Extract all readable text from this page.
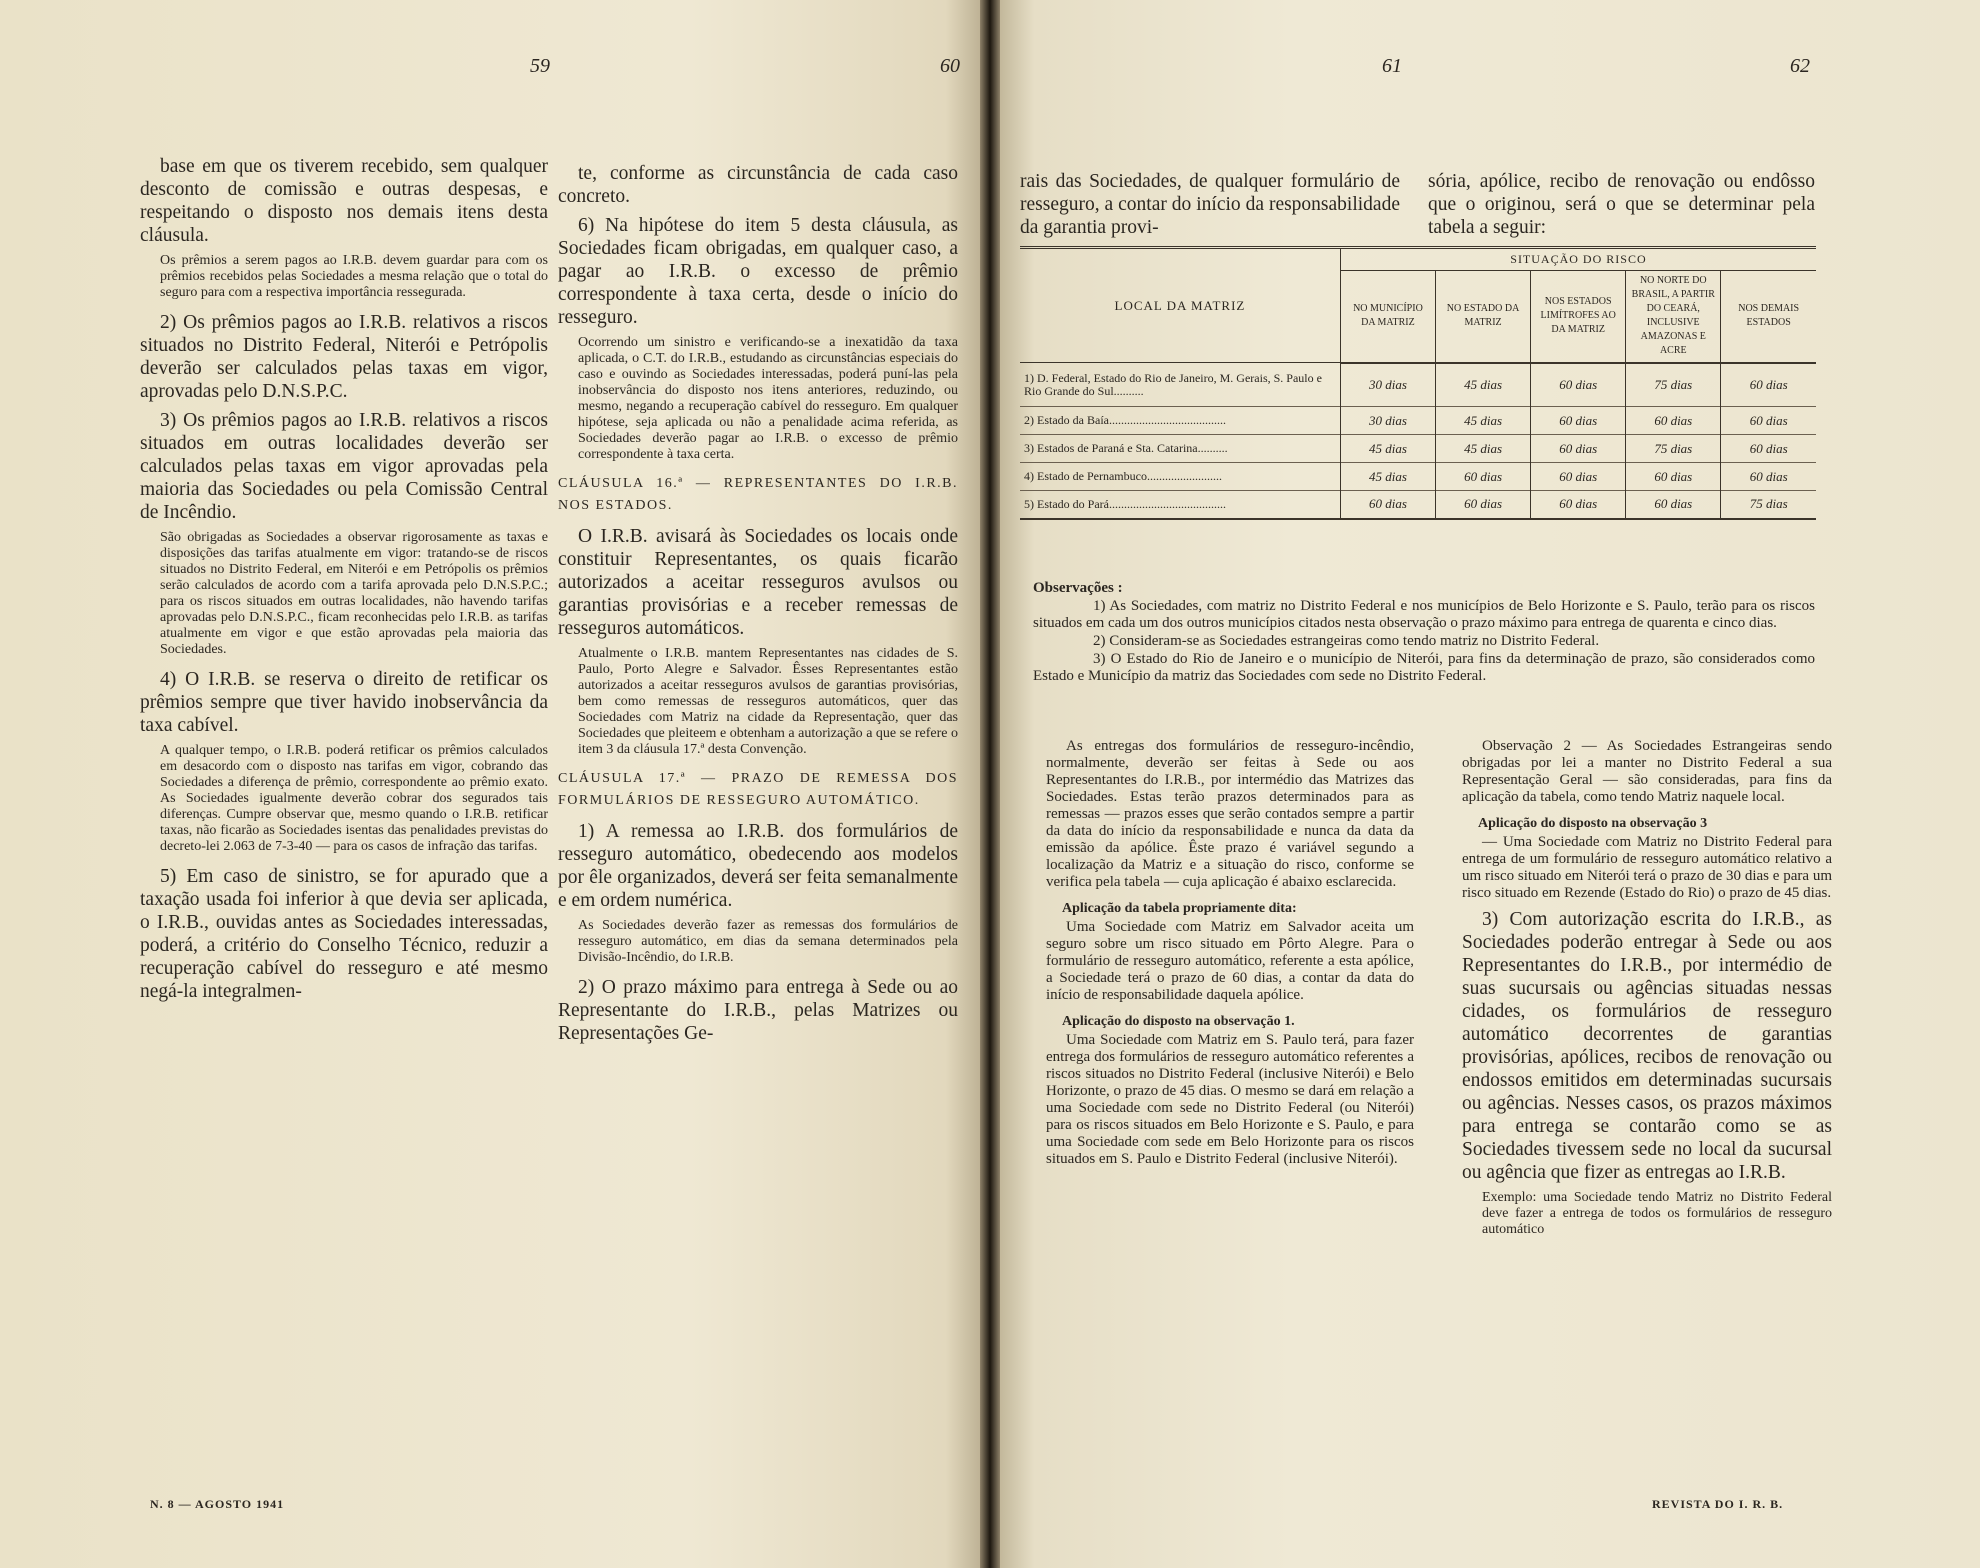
59	60	61	62

base em que os tiverem recebido, sem qualquer desconto de comissão e outras despesas, e respeitando o disposto nos demais itens desta cláusula.

Os prêmios a serem pagos ao I.R.B. devem guardar para com os prêmios recebidos pelas Sociedades a mesma relação que o total do seguro para com a respectiva importância ressegurada.

2) Os prêmios pagos ao I.R.B. relativos a riscos situados no Distrito Federal, Niterói e Petrópolis deverão ser calculados pelas taxas em vigor, aprovadas pelo D.N.S.P.C.

3) Os prêmios pagos ao I.R.B. relativos a riscos situados em outras localidades deverão ser calculados pelas taxas em vigor aprovadas pela maioria das Sociedades ou pela Comissão Central de Incêndio.

São obrigadas as Sociedades a observar rigorosamente as taxas e disposições das tarifas atualmente em vigor: tratando-se de riscos situados no Distrito Federal, em Niterói e em Petrópolis os prêmios serão calculados de acordo com a tarifa aprovada pelo D.N.S.P.C.; para os riscos situados em outras localidades, não havendo tarifas aprovadas pelo D.N.S.P.C., ficam reconhecidas pelo I.R.B. as tarifas atualmente em vigor e que estão aprovadas pela maioria das Sociedades.

4) O I.R.B. se reserva o direito de retificar os prêmios sempre que tiver havido inobservância da taxa cabível.

A qualquer tempo, o I.R.B. poderá retificar os prêmios calculados em desacordo com o disposto nas tarifas em vigor, cobrando das Sociedades a diferença de prêmio, correspondente ao prêmio exato. As Sociedades igualmente deverão cobrar dos segurados tais diferenças. Cumpre observar que, mesmo quando o I.R.B. retificar taxas, não ficarão as Sociedades isentas das penalidades previstas do decreto-lei 2.063 de 7-3-40 — para os casos de infração das tarifas.

5) Em caso de sinistro, se for apurado que a taxação usada foi inferior à que devia ser aplicada, o I.R.B., ouvidas antes as Sociedades interessadas, poderá, a critério do Conselho Técnico, reduzir a recuperação cabível do resseguro e até mesmo negá-la integralmen-

te, conforme as circunstância de cada caso concreto.

6) Na hipótese do item 5 desta cláusula, as Sociedades ficam obrigadas, em qualquer caso, a pagar ao I.R.B. o excesso de prêmio correspondente à taxa certa, desde o início do resseguro.

Ocorrendo um sinistro e verificando-se a inexatidão da taxa aplicada, o C.T. do I.R.B., estudando as circunstâncias especiais do caso e ouvindo as Sociedades interessadas, poderá puní-las pela inobservância do disposto nos itens anteriores, reduzindo, ou mesmo, negando a recuperação cabível do resseguro. Em qualquer hipótese, seja aplicada ou não a penalidade acima referida, as Sociedades deverão pagar ao I.R.B. o excesso de prêmio correspondente à taxa certa.

CLÁUSULA 16.ª — REPRESENTANTES DO I.R.B. NOS ESTADOS.

O I.R.B. avisará às Sociedades os locais onde constituir Representantes, os quais ficarão autorizados a aceitar resseguros avulsos ou garantias provisórias e a receber remessas de resseguros automáticos.

Atualmente o I.R.B. mantem Representantes nas cidades de S. Paulo, Porto Alegre e Salvador. Êsses Representantes estão autorizados a aceitar resseguros avulsos de garantias provisórias, bem como remessas de resseguros automáticos, quer das Sociedades com Matriz na cidade da Representação, quer das Sociedades que pleiteem e obtenham a autorização a que se refere o item 3 da cláusula 17.ª desta Convenção.

CLÁUSULA 17.ª — PRAZO DE REMESSA DOS FORMULÁRIOS DE RESSEGURO AUTOMÁTICO.

1) A remessa ao I.R.B. dos formulários de resseguro automático, obedecendo aos modelos por êle organizados, deverá ser feita semanalmente e em ordem numérica.

As Sociedades deverão fazer as remessas dos formulários de resseguro automático, em dias da semana determinados pela Divisão-Incêndio, do I.R.B.

2) O prazo máximo para entrega à Sede ou ao Representante do I.R.B., pelas Matrizes ou Representações Ge-

rais das Sociedades, de qualquer formulário de resseguro, a contar do início da responsabilidade da garantia provi-

sória, apólice, recibo de renovação ou endôsso que o originou, será o que se determinar pela tabela a seguir:

LOCAL DA MATRIZ	SITUAÇÃO DO RISCO				
	NO MUNICÍPIO DA MATRIZ	NO ESTADO DA MATRIZ	NOS ESTADOS LIMÍTROFES AO DA MATRIZ	NO NORTE DO BRASIL, A PARTIR DO CEARÁ, INCLUSIVE AMAZONAS E ACRE	NOS DEMAIS ESTADOS
1) D. Federal, Estado do Rio de Janeiro, M. Gerais, S. Paulo e Rio Grande do Sul..........	30 dias	45 dias	60 dias	75 dias	60 dias
2) Estado da Baía.......................................	30 dias	45 dias	60 dias	60 dias	60 dias
3) Estados de Paraná e Sta. Catarina..........	45 dias	45 dias	60 dias	75 dias	60 dias
4) Estado de Pernambuco.........................	45 dias	60 dias	60 dias	60 dias	60 dias
5) Estado do Pará.......................................	60 dias	60 dias	60 dias	60 dias	75 dias

Observações :

1) As Sociedades, com matriz no Distrito Federal e nos municípios de Belo Horizonte e S. Paulo, terão para os riscos situados em cada um dos outros municípios citados nesta observação o prazo máximo para entrega de quarenta e cinco dias.

2) Consideram-se as Sociedades estrangeiras como tendo matriz no Distrito Federal.

3) O Estado do Rio de Janeiro e o município de Niterói, para fins da determinação de prazo, são considerados como Estado e Município da matriz das Sociedades com sede no Distrito Federal.

As entregas dos formulários de resseguro-incêndio, normalmente, deverão ser feitas à Sede ou aos Representantes do I.R.B., por intermédio das Matrizes das Sociedades. Estas terão prazos determinados para as remessas — prazos esses que serão contados sempre a partir da data do início da responsabilidade e nunca da data da emissão da apólice. Êste prazo é variável segundo a localização da Matriz e a situação do risco, conforme se verifica pela tabela — cuja aplicação é abaixo esclarecida.

Aplicação da tabela propriamente dita:

Uma Sociedade com Matriz em Salvador aceita um seguro sobre um risco situado em Pôrto Alegre. Para o formulário de resseguro automático, referente a esta apólice, a Sociedade terá o prazo de 60 dias, a contar da data do início de responsabilidade daquela apólice.

Aplicação do disposto na observação 1.

Uma Sociedade com Matriz em S. Paulo terá, para fazer entrega dos formulários de resseguro automático referentes a riscos situados no Distrito Federal (inclusive Niterói) e Belo Horizonte, o prazo de 45 dias. O mesmo se dará em relação a uma Sociedade com sede no Distrito Federal (ou Niterói) para os riscos situados em Belo Horizonte e S. Paulo, e para uma Sociedade com sede em Belo Horizonte para os riscos situados em S. Paulo e Distrito Federal (inclusive Niterói).

Observação 2 — As Sociedades Estrangeiras sendo obrigadas por lei a manter no Distrito Federal a sua Representação Geral — são consideradas, para fins da aplicação da tabela, como tendo Matriz naquele local.

Aplicação do disposto na observação 3

— Uma Sociedade com Matriz no Distrito Federal para entrega de um formulário de resseguro automático relativo a um risco situado em Niterói terá o prazo de 30 dias e para um risco situado em Rezende (Estado do Rio) o prazo de 45 dias.

3) Com autorização escrita do I.R.B., as Sociedades poderão entregar à Sede ou aos Representantes do I.R.B., por intermédio de suas sucursais ou agências situadas nessas cidades, os formulários de resseguro automático decorrentes de garantias provisórias, apólices, recibos de renovação ou endossos emitidos em determinadas sucursais ou agências. Nesses casos, os prazos máximos para entrega se contarão como se as Sociedades tivessem sede no local da sucursal ou agência que fizer as entregas ao I.R.B.

Exemplo: uma Sociedade tendo Matriz no Distrito Federal deve fazer a entrega de todos os formulários de resseguro automático

N. 8 — AGOSTO 1941	REVISTA DO I. R. B.
